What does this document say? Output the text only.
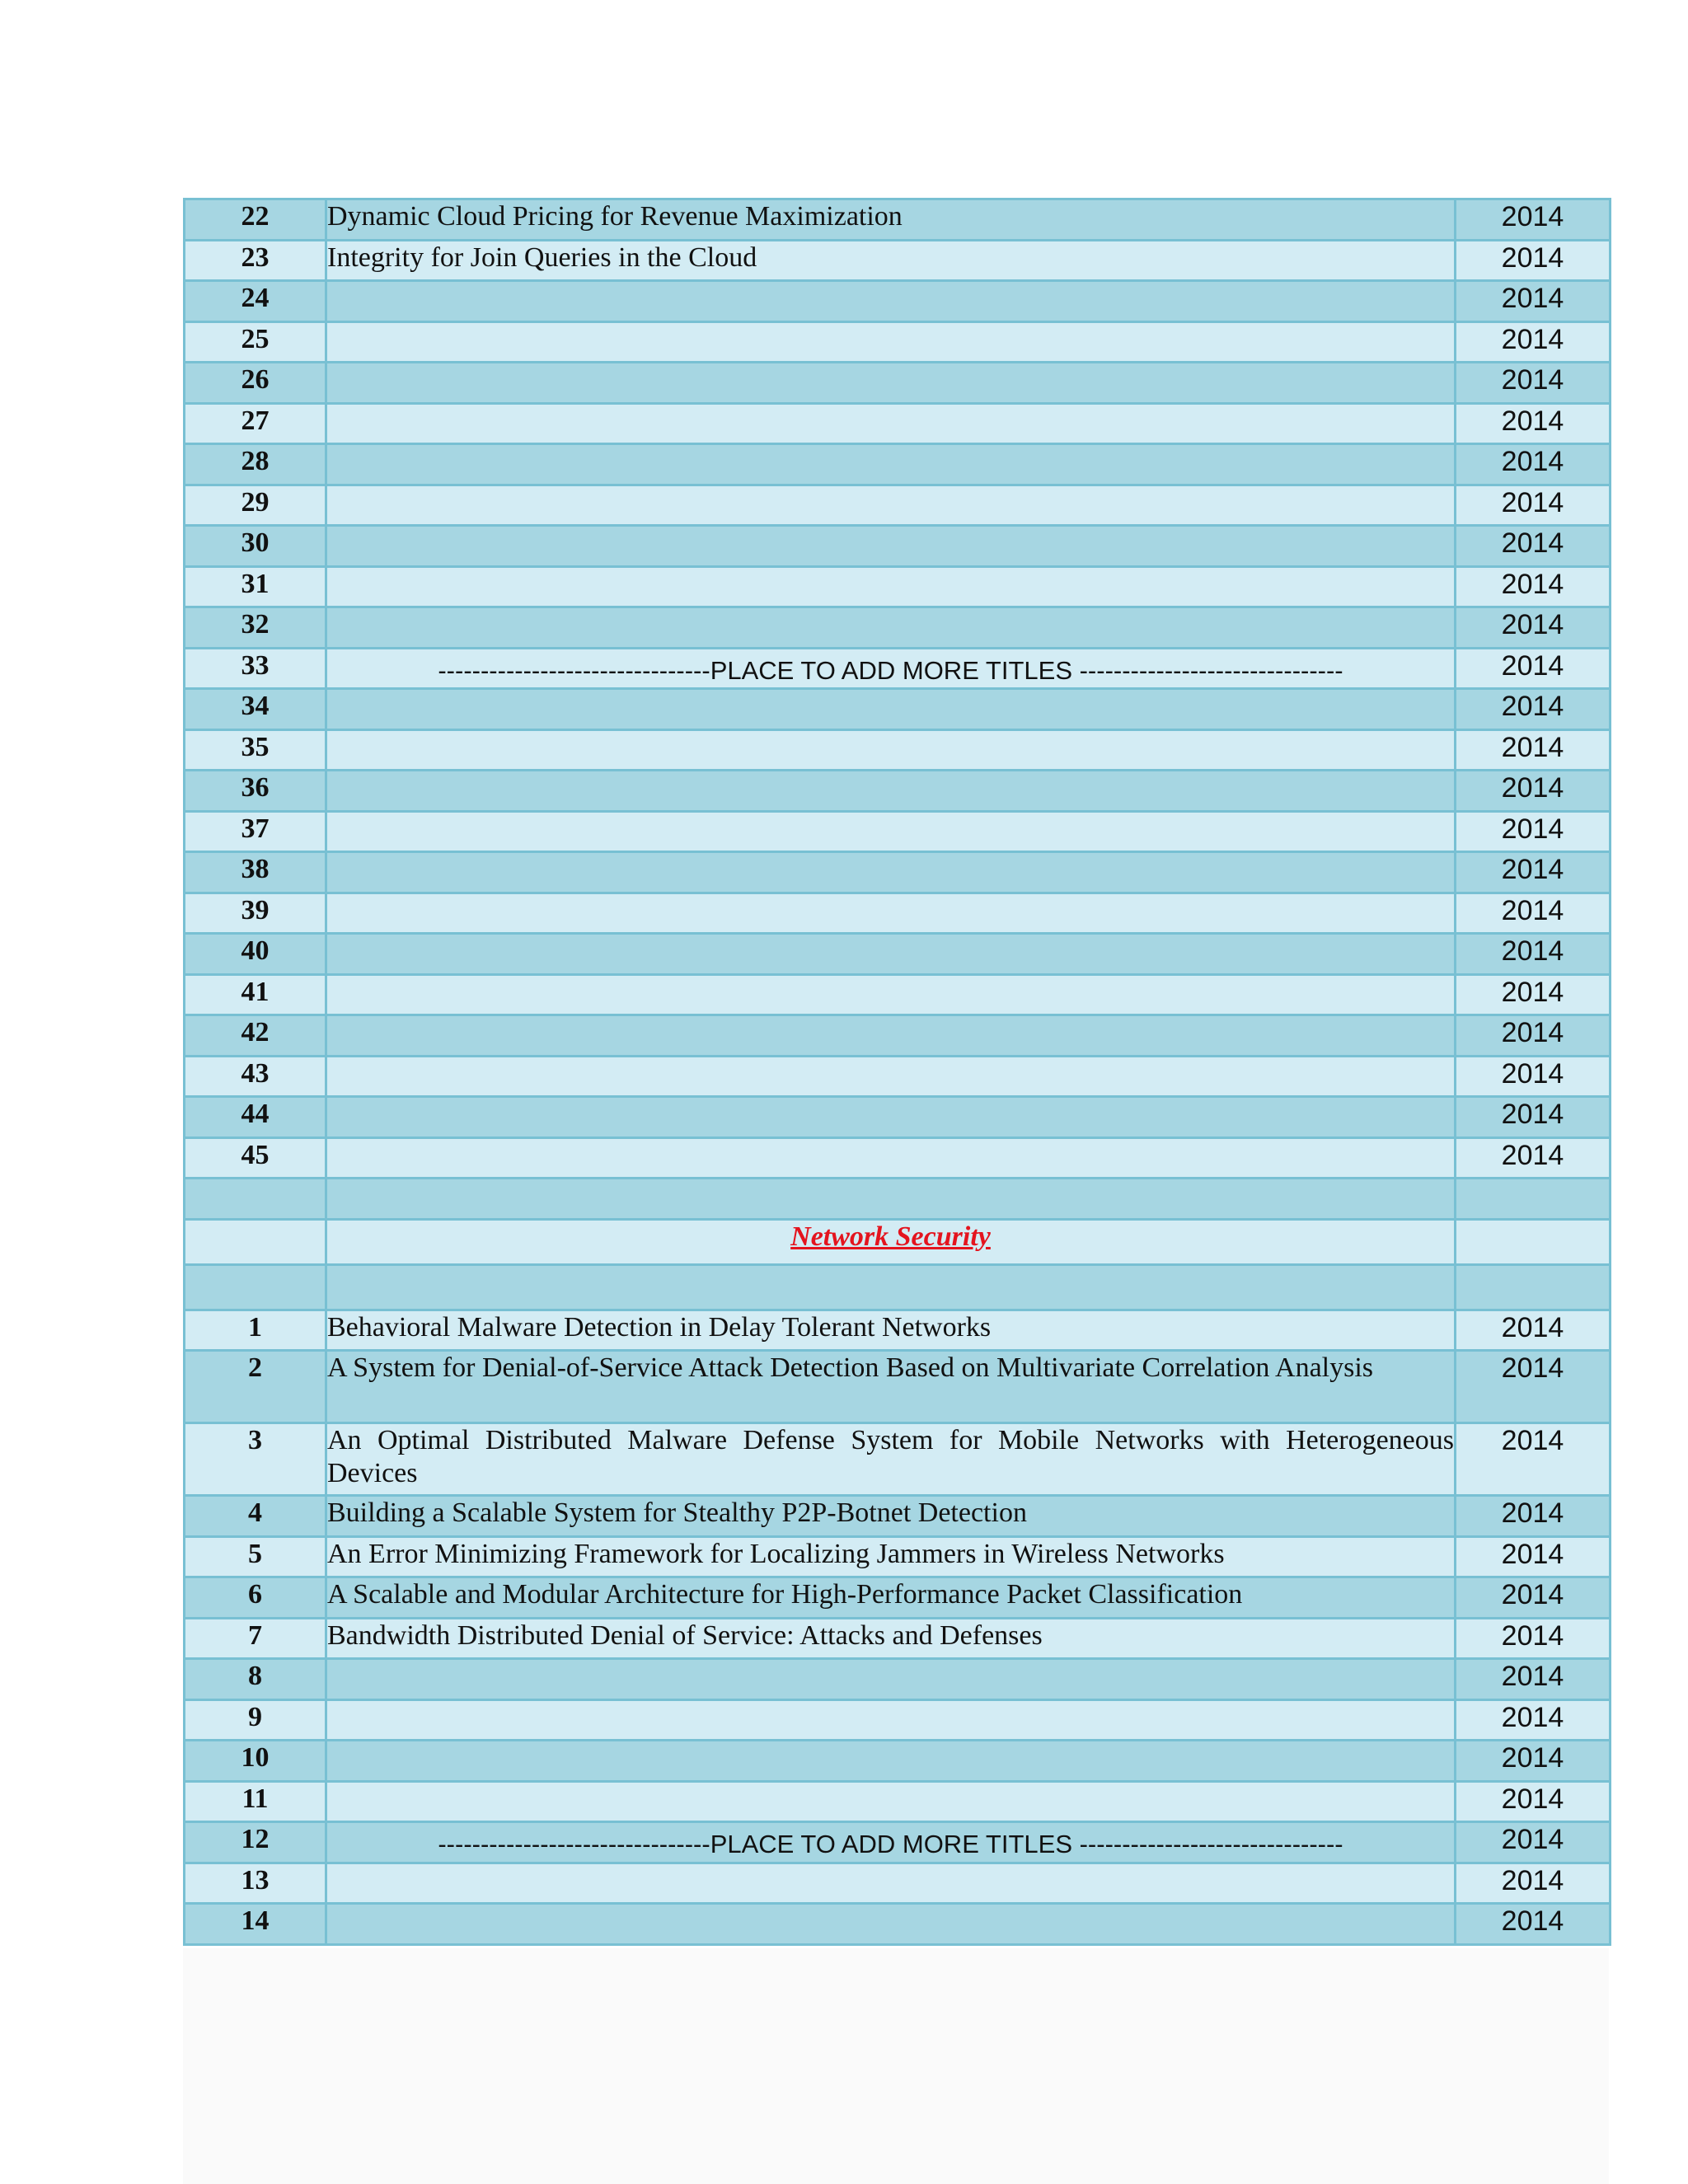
22	Dynamic Cloud Pricing for Revenue Maximization	2014
23	Integrity for Join Queries in the Cloud	2014
24		2014
25		2014
26		2014
27		2014
28		2014
29		2014
30		2014
31		2014
32		2014
33	--------------------------------PLACE TO ADD MORE TITLES -------------------------------	2014
34		2014
35		2014
36		2014
37		2014
38		2014
39		2014
40		2014
41		2014
42		2014
43		2014
44		2014
45		2014

	Network Security	

1	Behavioral Malware Detection in Delay Tolerant Networks	2014
2	A System for Denial-of-Service Attack Detection Based on Multivariate Correlation Analysis	2014
3	An Optimal Distributed Malware Defense System for Mobile Networks with Heterogeneous Devices	2014
4	Building a Scalable System for Stealthy P2P-Botnet Detection	2014
5	An Error Minimizing Framework for Localizing Jammers in Wireless Networks	2014
6	A Scalable and Modular Architecture for High-Performance Packet Classification	2014
7	Bandwidth Distributed Denial of Service: Attacks and Defenses	2014
8		2014
9		2014
10		2014
11		2014
12	--------------------------------PLACE TO ADD MORE TITLES -------------------------------	2014
13		2014
14		2014
